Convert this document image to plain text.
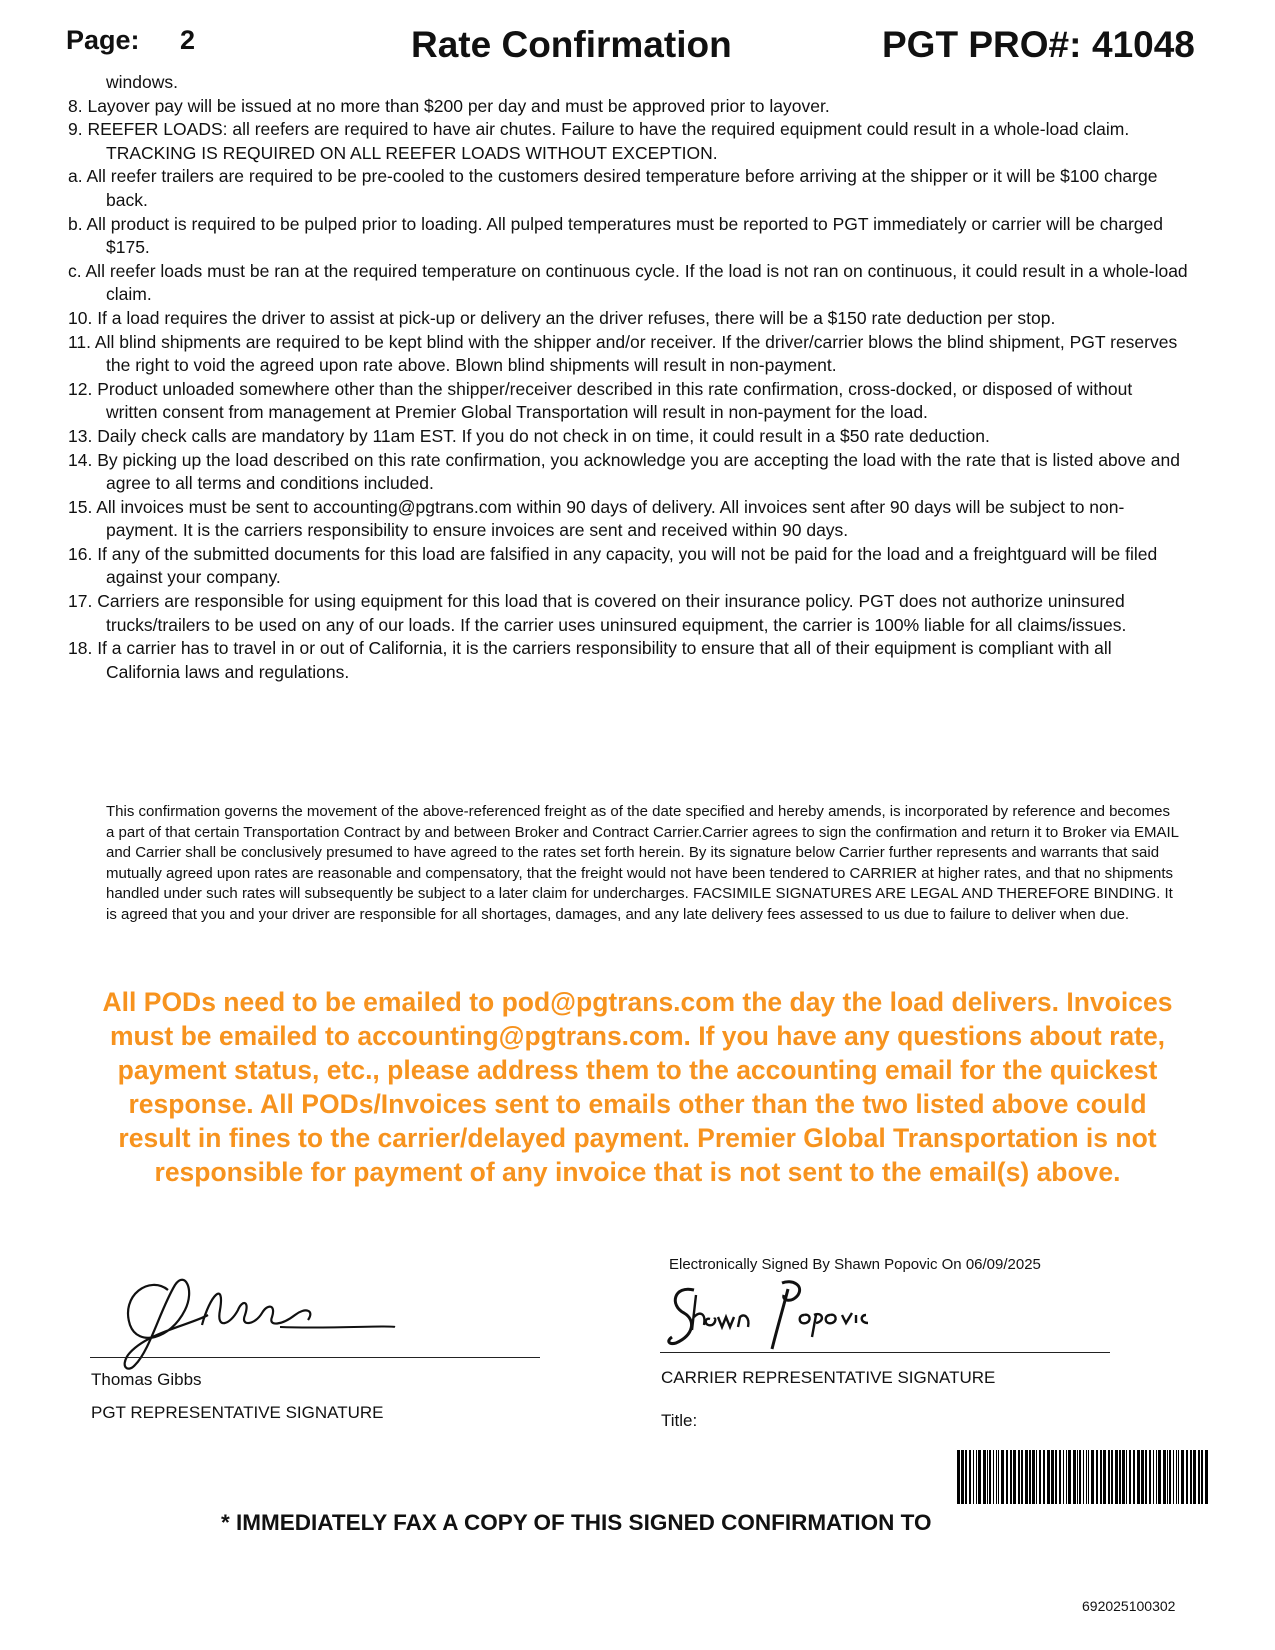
Page: 2	Rate Confirmation	PGT PRO#: 41048
windows.
8. Layover pay will be issued at no more than $200 per day and must be approved prior to layover.
9. REEFER LOADS: all reefers are required to have air chutes. Failure to have the required equipment could result in a whole-load claim. TRACKING IS REQUIRED ON ALL REEFER LOADS WITHOUT EXCEPTION.
a. All reefer trailers are required to be pre-cooled to the customers desired temperature before arriving at the shipper or it will be $100 charge back.
b. All product is required to be pulped prior to loading. All pulped temperatures must be reported to PGT immediately or carrier will be charged $175.
c. All reefer loads must be ran at the required temperature on continuous cycle. If the load is not ran on continuous, it could result in a whole-load claim.
10. If a load requires the driver to assist at pick-up or delivery an the driver refuses, there will be a $150 rate deduction per stop.
11. All blind shipments are required to be kept blind with the shipper and/or receiver. If the driver/carrier blows the blind shipment, PGT reserves the right to void the agreed upon rate above. Blown blind shipments will result in non-payment.
12. Product unloaded somewhere other than the shipper/receiver described in this rate confirmation, cross-docked, or disposed of without written consent from management at Premier Global Transportation will result in non-payment for the load.
13. Daily check calls are mandatory by 11am EST. If you do not check in on time, it could result in a $50 rate deduction.
14. By picking up the load described on this rate confirmation, you acknowledge you are accepting the load with the rate that is listed above and agree to all terms and conditions included.
15. All invoices must be sent to accounting@pgtrans.com within 90 days of delivery. All invoices sent after 90 days will be subject to non-payment. It is the carriers responsibility to ensure invoices are sent and received within 90 days.
16. If any of the submitted documents for this load are falsified in any capacity, you will not be paid for the load and a freightguard will be filed against your company.
17. Carriers are responsible for using equipment for this load that is covered on their insurance policy. PGT does not authorize uninsured trucks/trailers to be used on any of our loads. If the carrier uses uninsured equipment, the carrier is 100% liable for all claims/issues.
18. If a carrier has to travel in or out of California, it is the carriers responsibility to ensure that all of their equipment is compliant with all California laws and regulations.

This confirmation governs the movement of the above-referenced freight as of the date specified and hereby amends, is incorporated by reference and becomes a part of that certain Transportation Contract by and between Broker and Contract Carrier.Carrier agrees to sign the confirmation and return it to Broker via EMAIL and Carrier shall be conclusively presumed to have agreed to the rates set forth herein. By its signature below Carrier further represents and warrants that said mutually agreed upon rates are reasonable and compensatory, that the freight would not have been tendered to CARRIER at higher rates, and that no shipments handled under such rates will subsequently be subject to a later claim for undercharges. FACSIMILE SIGNATURES ARE LEGAL AND THEREFORE BINDING. It is agreed that you and your driver are responsible for all shortages, damages, and any late delivery fees assessed to us due to failure to deliver when due.

All PODs need to be emailed to pod@pgtrans.com the day the load delivers. Invoices must be emailed to accounting@pgtrans.com. If you have any questions about rate, payment status, etc., please address them to the accounting email for the quickest response. All PODs/Invoices sent to emails other than the two listed above could result in fines to the carrier/delayed payment. Premier Global Transportation is not responsible for payment of any invoice that is not sent to the email(s) above.

Thomas Gibbs
PGT REPRESENTATIVE SIGNATURE
Electronically Signed By Shawn Popovic On 06/09/2025
CARRIER REPRESENTATIVE SIGNATURE
Title:
* IMMEDIATELY FAX A COPY OF THIS SIGNED CONFIRMATION TO
692025100302
